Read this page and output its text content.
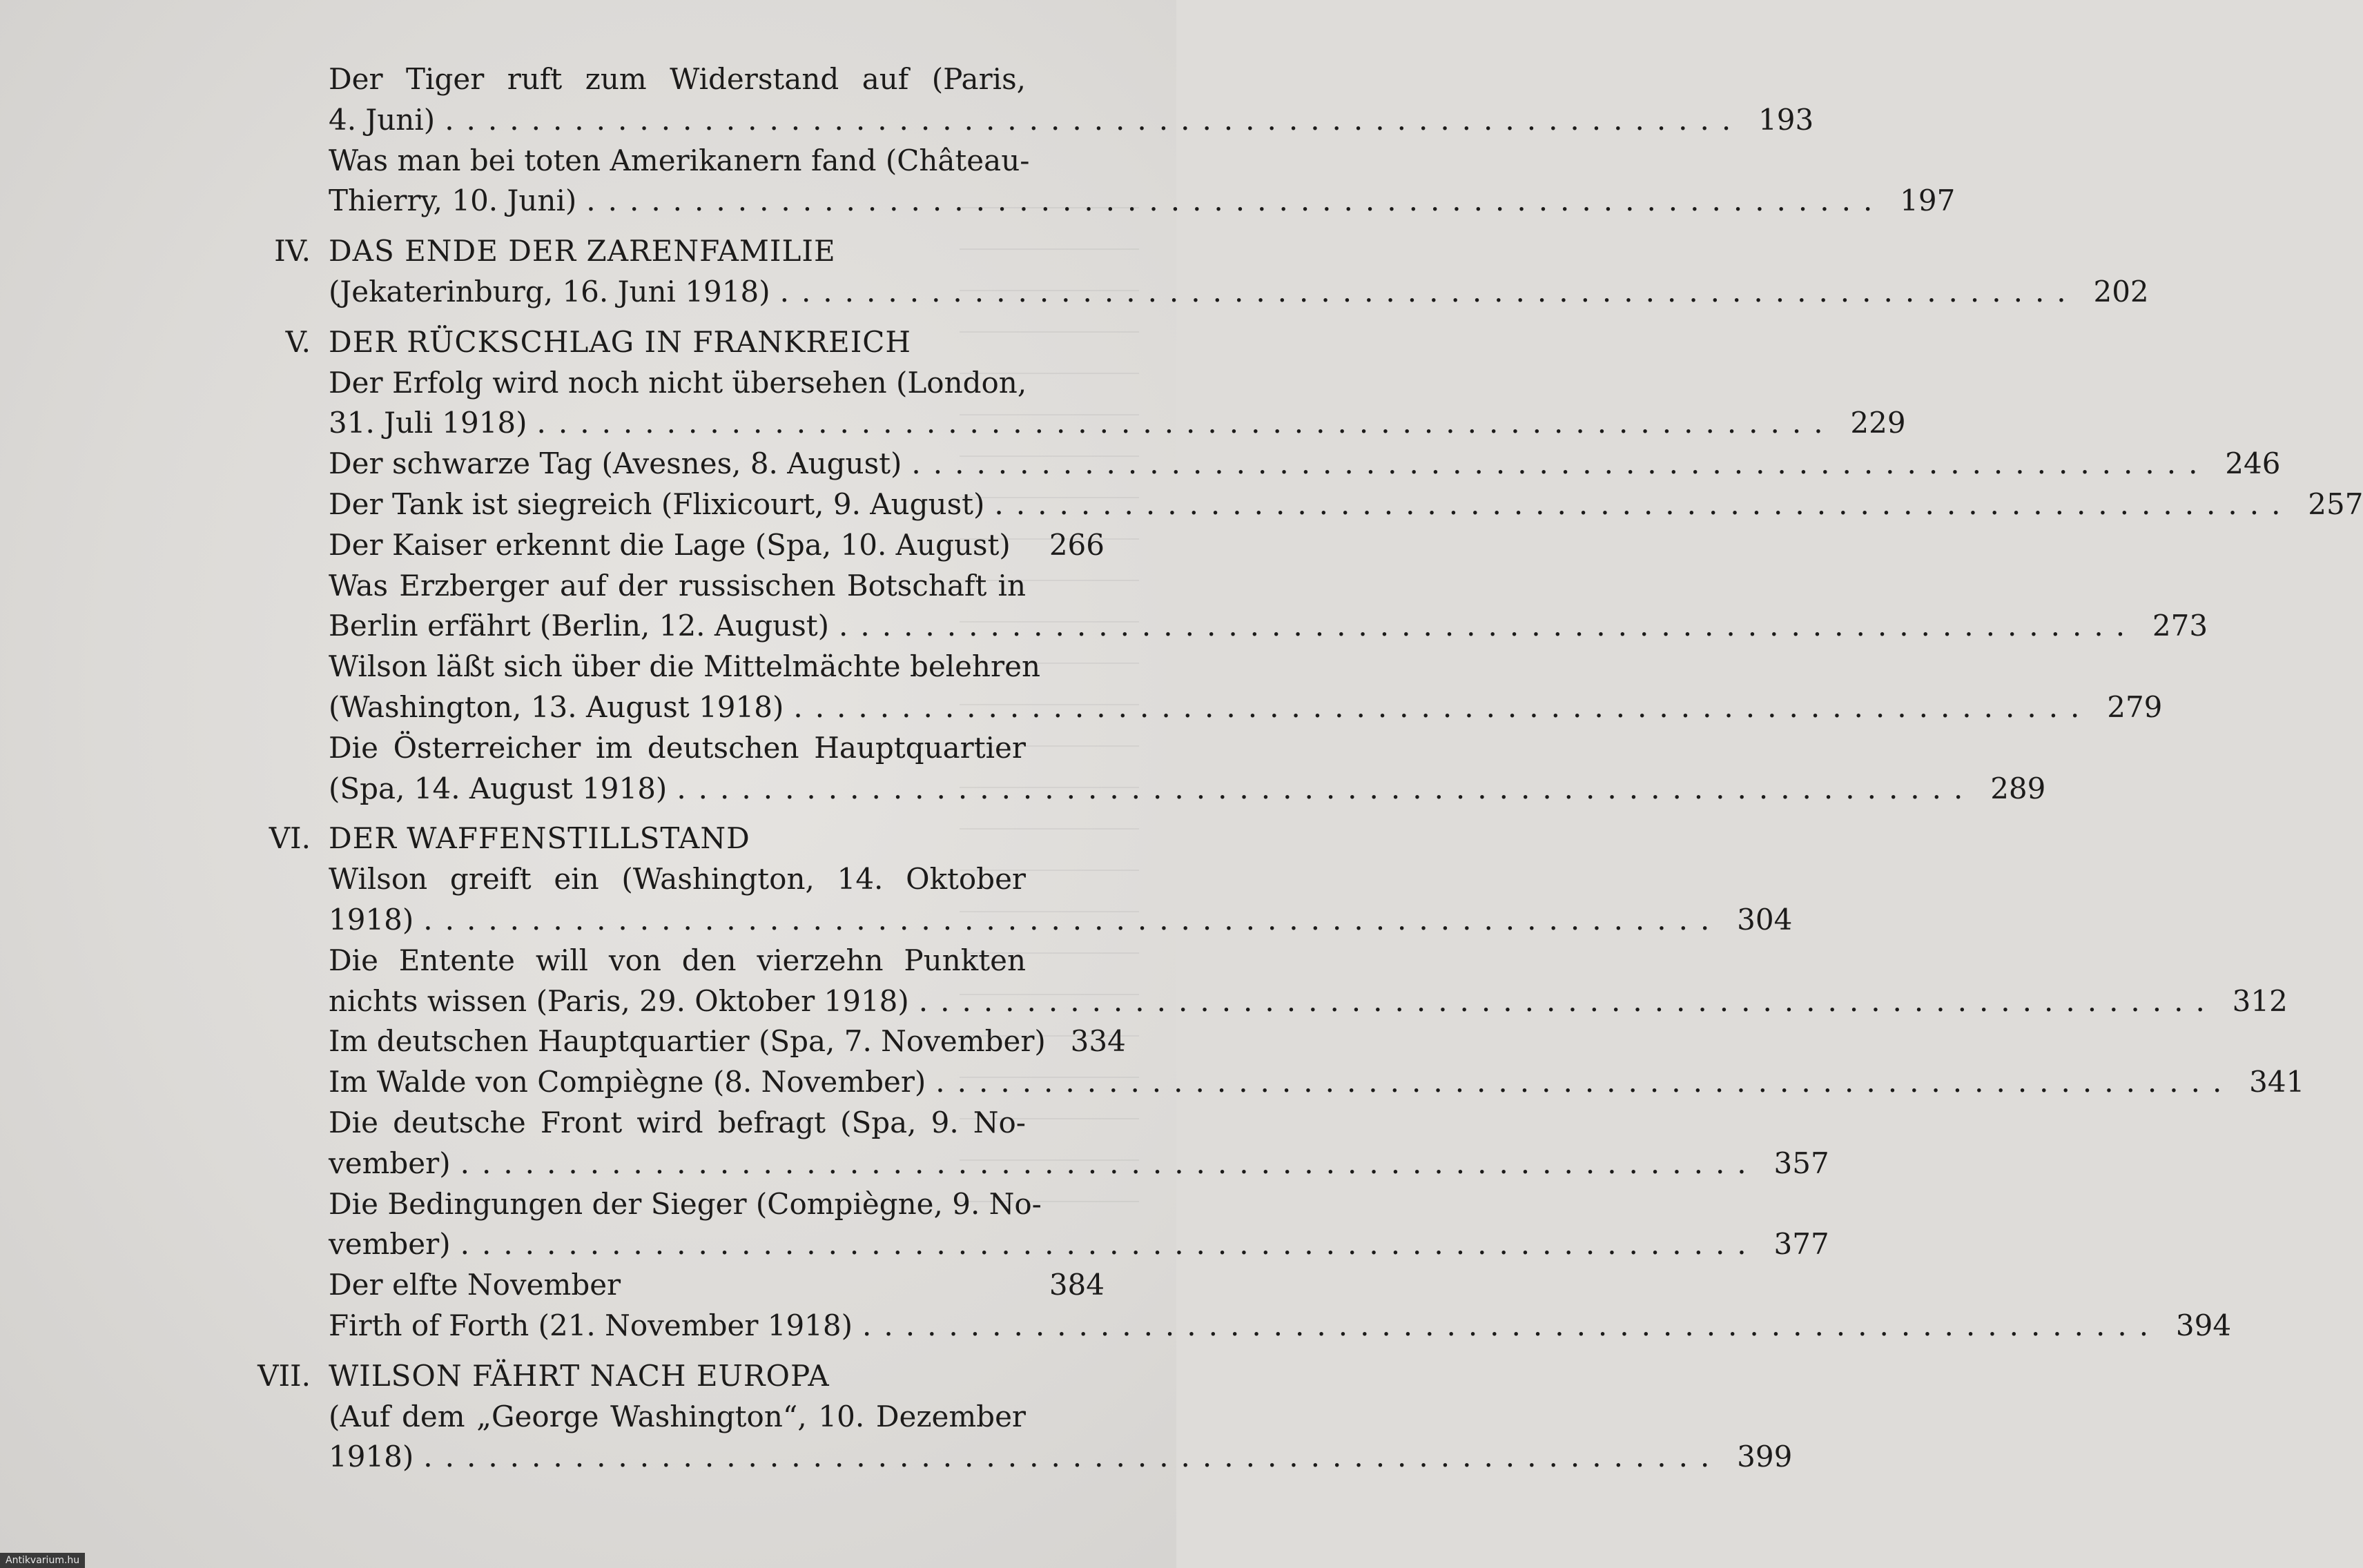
Der Tiger ruft zum Widerstand auf (Paris,
4. Juni) ............................................................ 193
Was man bei toten Amerikanern fand (Château-
Thierry, 10. Juni) ............................................................ 197
IV. DAS ENDE DER ZARENFAMILIE
(Jekaterinburg, 16. Juni 1918) ............................................................ 202
V. DER RÜCKSCHLAG IN FRANKREICH
Der Erfolg wird noch nicht übersehen (London,
31. Juli 1918) ............................................................ 229
Der schwarze Tag (Avesnes, 8. August) ............................................................ 246
Der Tank ist siegreich (Flixicourt, 9. August) ............................................................ 257
Der Kaiser erkennt die Lage (Spa, 10. August)	266
Was Erzberger auf der russischen Botschaft in
Berlin erfährt (Berlin, 12. August) ............................................................ 273
Wilson läßt sich über die Mittelmächte belehren
(Washington, 13. August 1918) ............................................................ 279
Die Österreicher im deutschen Hauptquartier
(Spa, 14. August 1918) ............................................................ 289
VI. DER WAFFENSTILLSTAND
Wilson greift ein (Washington, 14. Oktober
1918) ............................................................ 304
Die Entente will von den vierzehn Punkten
nichts wissen (Paris, 29. Oktober 1918) ............................................................ 312
Im deutschen Hauptquartier (Spa, 7. November) 334
Im Walde von Compiègne (8. November) ............................................................ 341
Die deutsche Front wird befragt (Spa, 9. No-
vember) ............................................................ 357
Die Bedingungen der Sieger (Compiègne, 9. No-
vember) ............................................................ 377
Der elfte November	384
Firth of Forth (21. November 1918) ............................................................ 394
VII. WILSON FÄHRT NACH EUROPA
(Auf dem „George Washington“, 10. Dezember
1918) ............................................................ 399
Antikvarium.hu
